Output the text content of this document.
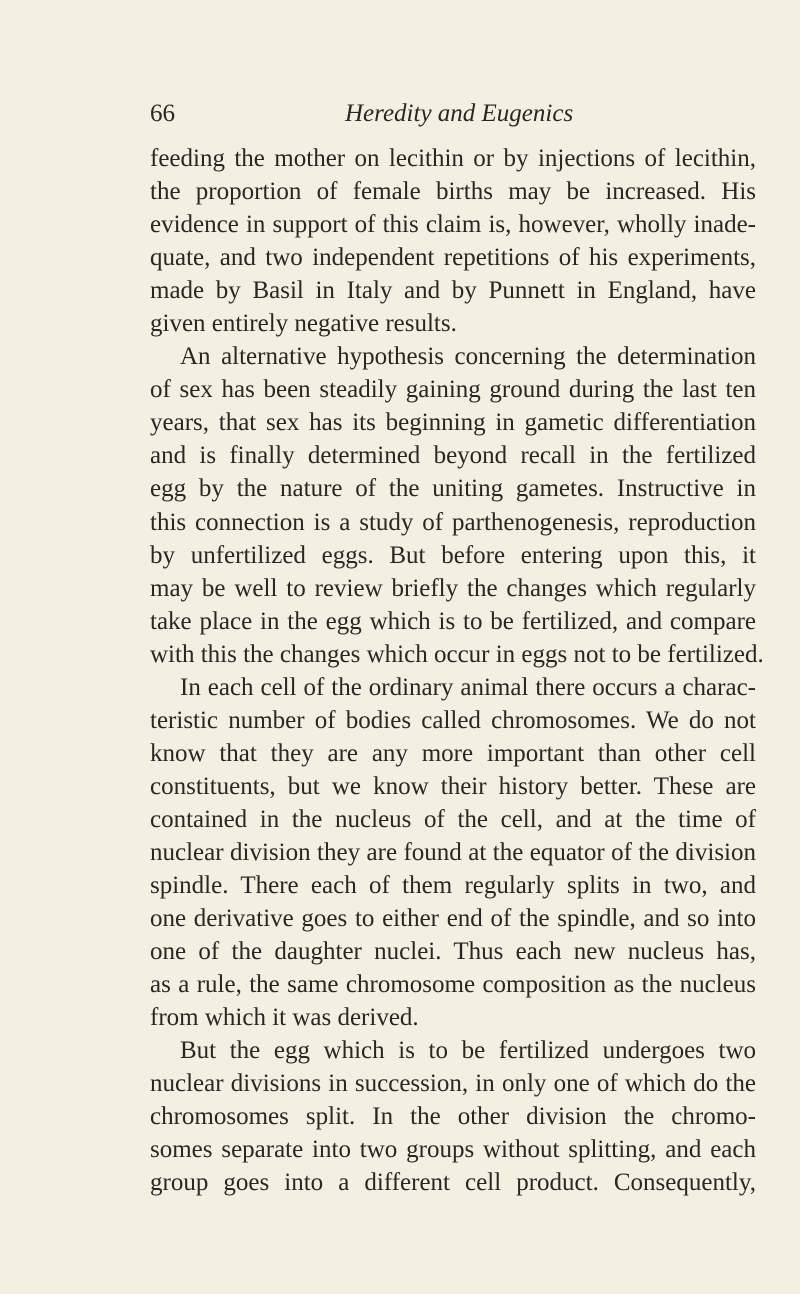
66	Heredity and Eugenics
feeding the mother on lecithin or by injections of lecithin,
the proportion of female births may be increased. His
evidence in support of this claim is, however, wholly inade-
quate, and two independent repetitions of his experiments,
made by Basil in Italy and by Punnett in England, have
given entirely negative results.
An alternative hypothesis concerning the determination
of sex has been steadily gaining ground during the last ten
years, that sex has its beginning in gametic differentiation
and is finally determined beyond recall in the fertilized
egg by the nature of the uniting gametes. Instructive in
this connection is a study of parthenogenesis, reproduction
by unfertilized eggs. But before entering upon this, it
may be well to review briefly the changes which regularly
take place in the egg which is to be fertilized, and compare
with this the changes which occur in eggs not to be fertilized.
In each cell of the ordinary animal there occurs a charac-
teristic number of bodies called chromosomes. We do not
know that they are any more important than other cell
constituents, but we know their history better. These are
contained in the nucleus of the cell, and at the time of
nuclear division they are found at the equator of the division
spindle. There each of them regularly splits in two, and
one derivative goes to either end of the spindle, and so into
one of the daughter nuclei. Thus each new nucleus has,
as a rule, the same chromosome composition as the nucleus
from which it was derived.
But the egg which is to be fertilized undergoes two
nuclear divisions in succession, in only one of which do the
chromosomes split. In the other division the chromo-
somes separate into two groups without splitting, and each
group goes into a different cell product. Consequently,
